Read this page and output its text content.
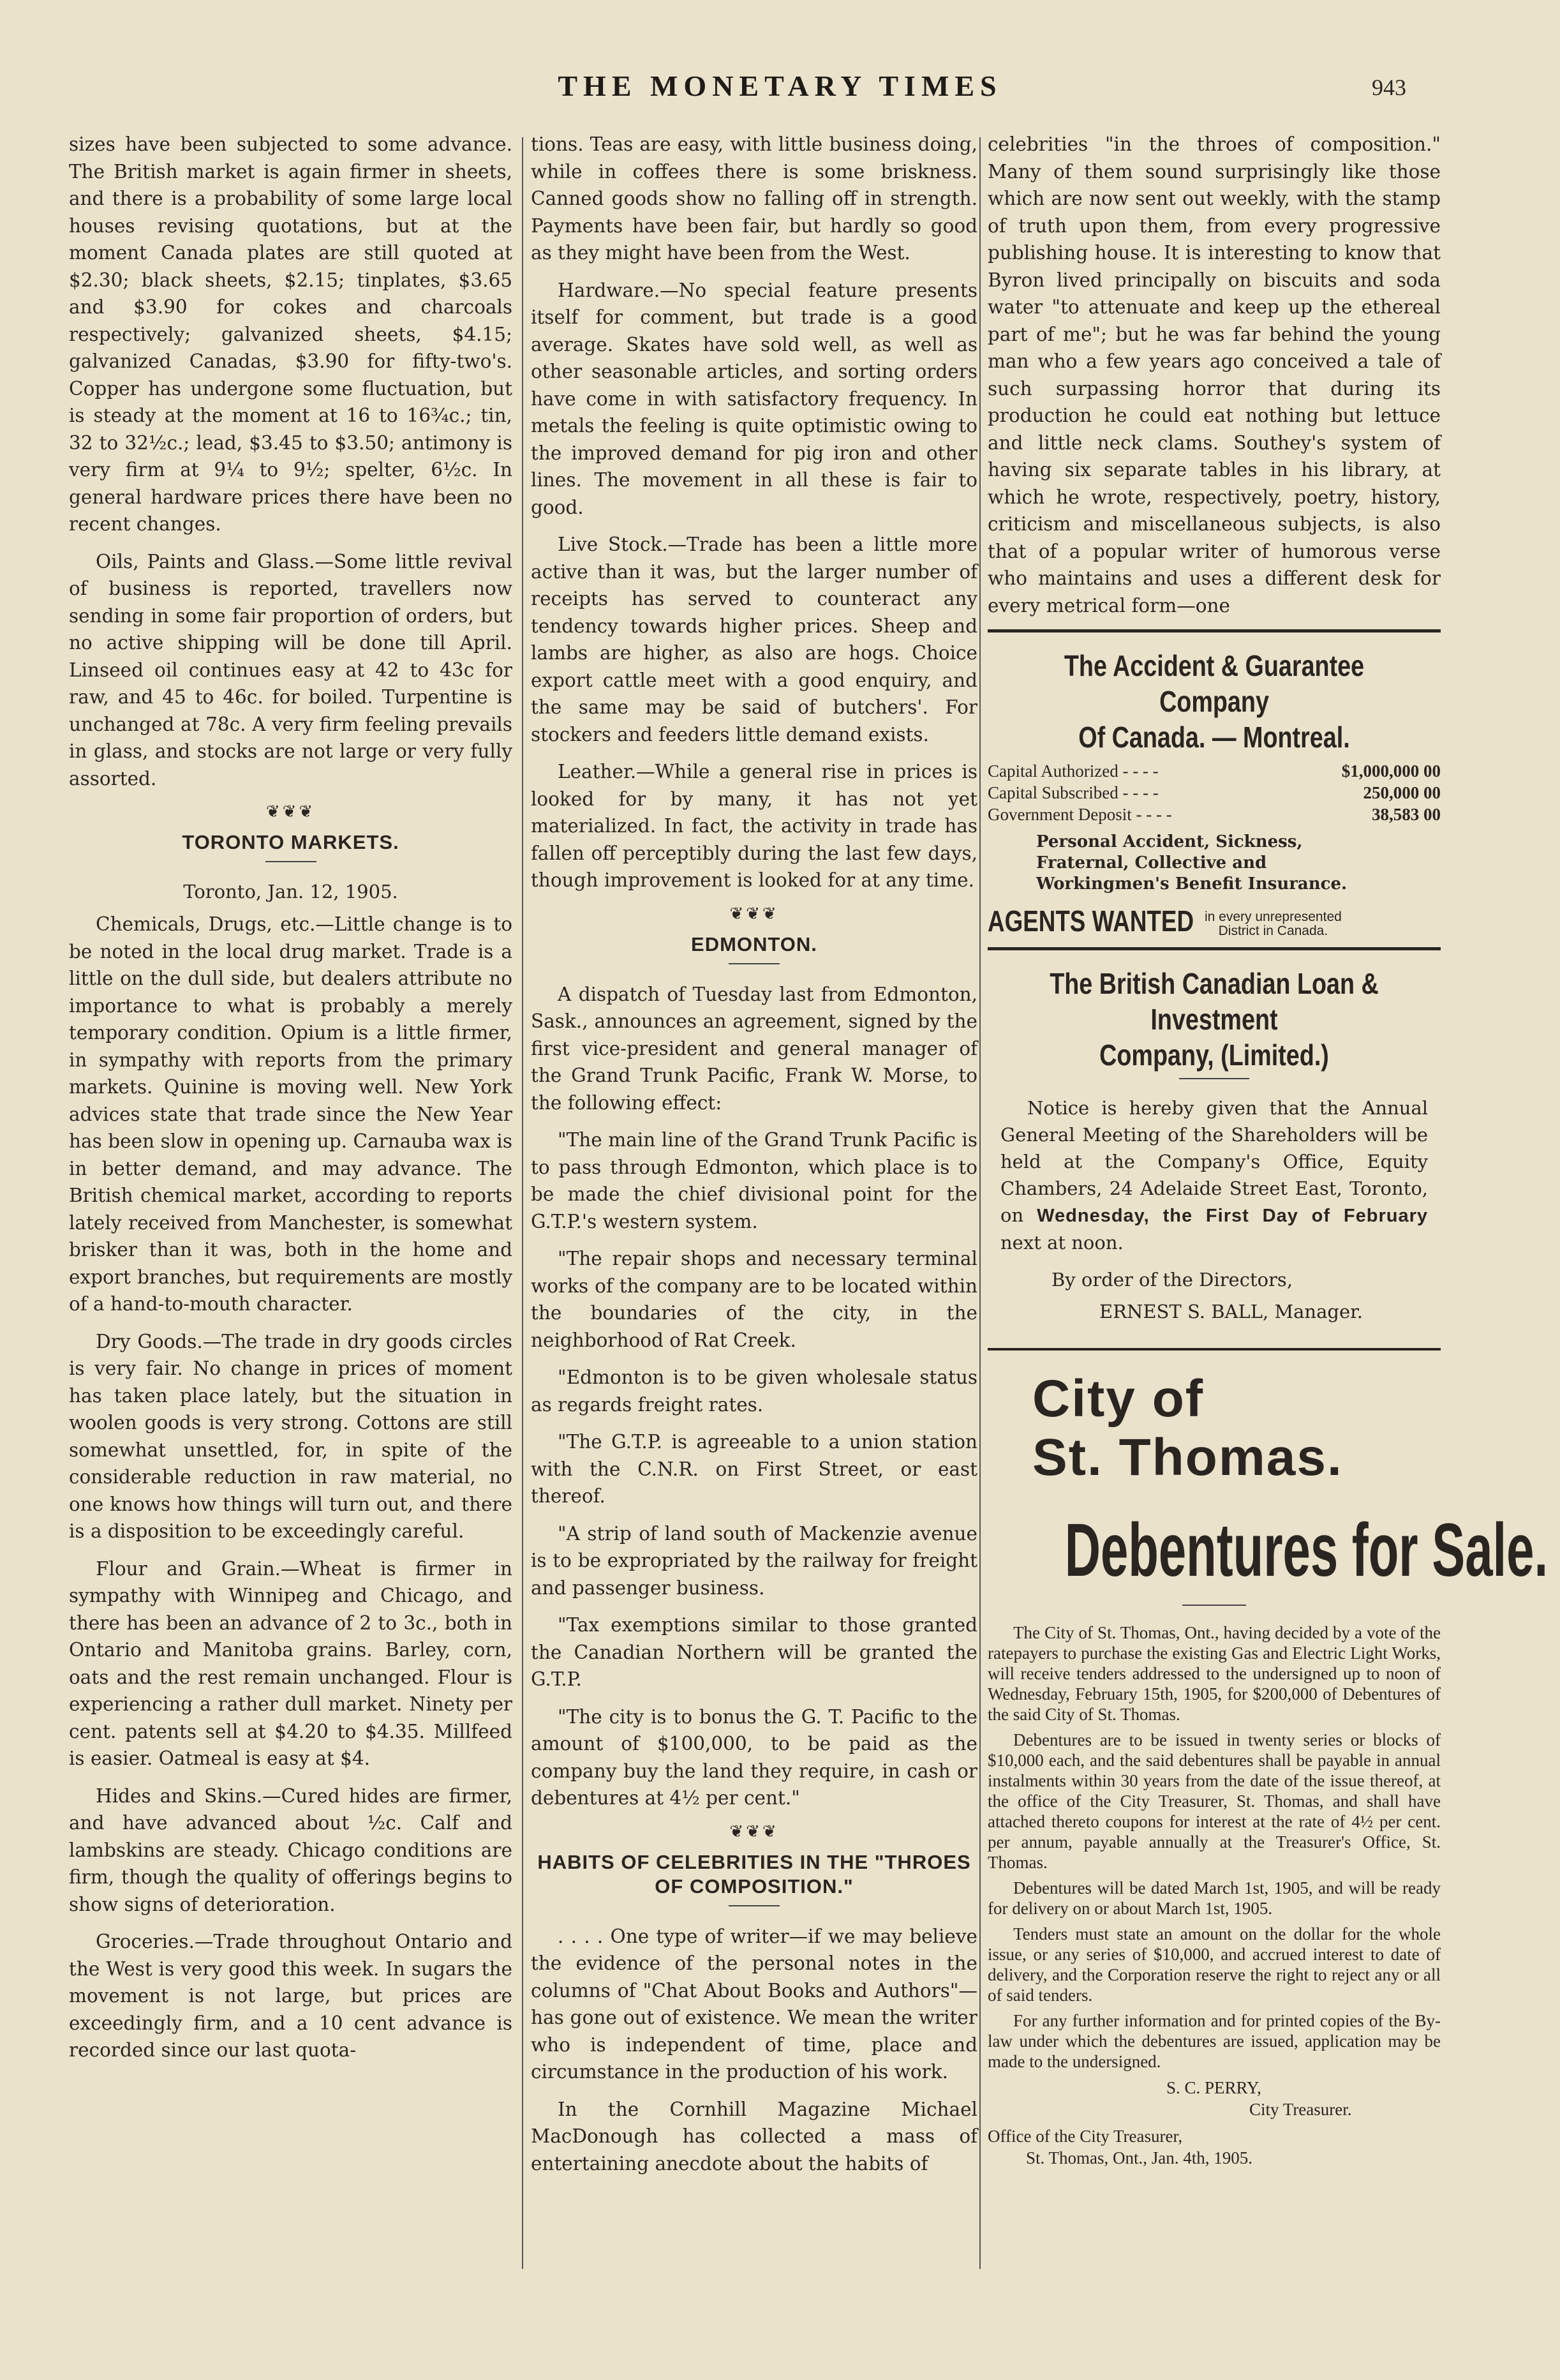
THE MONETARY TIMES	943

sizes have been subjected to some advance. The British market is again firmer in sheets, and there is a probability of some large local houses revising quotations, but at the moment Canada plates are still quoted at $2.30; black sheets, $2.15; tinplates, $3.65 and $3.90 for cokes and charcoals respectively; galvanized sheets, $4.15; galvanized Canadas, $3.90 for fifty-two's. Copper has undergone some fluctuation, but is steady at the moment at 16 to 16¾c.; tin, 32 to 32½c.; lead, $3.45 to $3.50; antimony is very firm at 9¼ to 9½; spelter, 6½c. In general hardware prices there have been no recent changes.

Oils, Paints and Glass.—Some little revival of business is reported, travellers now sending in some fair proportion of orders, but no active shipping will be done till April. Linseed oil continues easy at 42 to 43c for raw, and 45 to 46c. for boiled. Turpentine is unchanged at 78c. A very firm feeling prevails in glass, and stocks are not large or very fully assorted.

❦❦❦
TORONTO MARKETS.
Toronto, Jan. 12, 1905.

Chemicals, Drugs, etc.—Little change is to be noted in the local drug market. Trade is a little on the dull side, but dealers attribute no importance to what is probably a merely temporary condition. Opium is a little firmer, in sympathy with reports from the primary markets. Quinine is moving well. New York advices state that trade since the New Year has been slow in opening up. Carnauba wax is in better demand, and may advance. The British chemical market, according to reports lately received from Manchester, is somewhat brisker than it was, both in the home and export branches, but requirements are mostly of a hand-to-mouth character.

Dry Goods.—The trade in dry goods circles is very fair. No change in prices of moment has taken place lately, but the situation in woolen goods is very strong. Cottons are still somewhat unsettled, for, in spite of the considerable reduction in raw material, no one knows how things will turn out, and there is a disposition to be exceedingly careful.

Flour and Grain.—Wheat is firmer in sympathy with Winnipeg and Chicago, and there has been an advance of 2 to 3c., both in Ontario and Manitoba grains. Barley, corn, oats and the rest remain unchanged. Flour is experiencing a rather dull market. Ninety per cent. patents sell at $4.20 to $4.35. Millfeed is easier. Oatmeal is easy at $4.

Hides and Skins.—Cured hides are firmer, and have advanced about ½c. Calf and lambskins are steady. Chicago conditions are firm, though the quality of offerings begins to show signs of deterioration.

Groceries.—Trade throughout Ontario and the West is very good this week. In sugars the movement is not large, but prices are exceedingly firm, and a 10 cent advance is recorded since our last quota-

tions. Teas are easy, with little business doing, while in coffees there is some briskness. Canned goods show no falling off in strength. Payments have been fair, but hardly so good as they might have been from the West.

Hardware.—No special feature presents itself for comment, but trade is a good average. Skates have sold well, as well as other seasonable articles, and sorting orders have come in with satisfactory frequency. In metals the feeling is quite optimistic owing to the improved demand for pig iron and other lines. The movement in all these is fair to good.

Live Stock.—Trade has been a little more active than it was, but the larger number of receipts has served to counteract any tendency towards higher prices. Sheep and lambs are higher, as also are hogs. Choice export cattle meet with a good enquiry, and the same may be said of butchers'. For stockers and feeders little demand exists.

Leather.—While a general rise in prices is looked for by many, it has not yet materialized. In fact, the activity in trade has fallen off perceptibly during the last few days, though improvement is looked for at any time.

❦❦❦
EDMONTON.

A dispatch of Tuesday last from Edmonton, Sask., announces an agreement, signed by the first vice-president and general manager of the Grand Trunk Pacific, Frank W. Morse, to the following effect:

"The main line of the Grand Trunk Pacific is to pass through Edmonton, which place is to be made the chief divisional point for the G.T.P.'s western system.

"The repair shops and necessary terminal works of the company are to be located within the boundaries of the city, in the neighborhood of Rat Creek.

"Edmonton is to be given wholesale status as regards freight rates.

"The G.T.P. is agreeable to a union station with the C.N.R. on First Street, or east thereof.

"A strip of land south of Mackenzie avenue is to be expropriated by the railway for freight and passenger business.

"Tax exemptions similar to those granted the Canadian Northern will be granted the G.T.P.

"The city is to bonus the G. T. Pacific to the amount of $100,000, to be paid as the company buy the land they require, in cash or debentures at 4½ per cent."

❦❦❦
HABITS OF CELEBRITIES IN THE "THROES OF COMPOSITION."

. . . . One type of writer—if we may believe the evidence of the personal notes in the columns of "Chat About Books and Authors"—has gone out of existence. We mean the writer who is independent of time, place and circumstance in the production of his work.

In the Cornhill Magazine Michael MacDonough has collected a mass of entertaining anecdote about the habits of

celebrities "in the throes of composition." Many of them sound surprisingly like those which are now sent out weekly, with the stamp of truth upon them, from every progressive publishing house. It is interesting to know that Byron lived principally on biscuits and soda water "to attenuate and keep up the ethereal part of me"; but he was far behind the young man who a few years ago conceived a tale of such surpassing horror that during its production he could eat nothing but lettuce and little neck clams. Southey's system of having six separate tables in his library, at which he wrote, respectively, poetry, history, criticism and miscellaneous subjects, is also that of a popular writer of humorous verse who maintains and uses a different desk for every metrical form—one

The Accident & Guarantee Company
Of Canada. — Montreal.
Capital Authorized - - - -	$1,000,000 00
Capital Subscribed - - - -	250,000 00
Government Deposit - - - -	38,583 00
Personal Accident, Sickness,
Fraternal, Collective and
Workingmen's Benefit Insurance.
AGENTS WANTED in every unrepresented
District in Canada.
The British Canadian Loan & Investment
Company, (Limited.)

Notice is hereby given that the Annual General Meeting of the Shareholders will be held at the Company's Office, Equity Chambers, 24 Adelaide Street East, Toronto, on Wednesday, the First Day of February next at noon.

By order of the Directors,
ERNEST S. BALL, Manager.
City of
St. Thomas.
Debentures for Sale.

The City of St. Thomas, Ont., having decided by a vote of the ratepayers to purchase the existing Gas and Electric Light Works, will receive tenders addressed to the undersigned up to noon of Wednesday, February 15th, 1905, for $200,000 of Debentures of the said City of St. Thomas.

Debentures are to be issued in twenty series or blocks of $10,000 each, and the said debentures shall be payable in annual instalments within 30 years from the date of the issue thereof, at the office of the City Treasurer, St. Thomas, and shall have attached thereto coupons for interest at the rate of 4½ per cent. per annum, payable annually at the Treasurer's Office, St. Thomas.

Debentures will be dated March 1st, 1905, and will be ready for delivery on or about March 1st, 1905.

Tenders must state an amount on the dollar for the whole issue, or any series of $10,000, and accrued interest to date of delivery, and the Corporation reserve the right to reject any or all of said tenders.

For any further information and for printed copies of the By-law under which the debentures are issued, application may be made to the undersigned.

S. C. PERRY,
City Treasurer.
Office of the City Treasurer,
St. Thomas, Ont., Jan. 4th, 1905.
